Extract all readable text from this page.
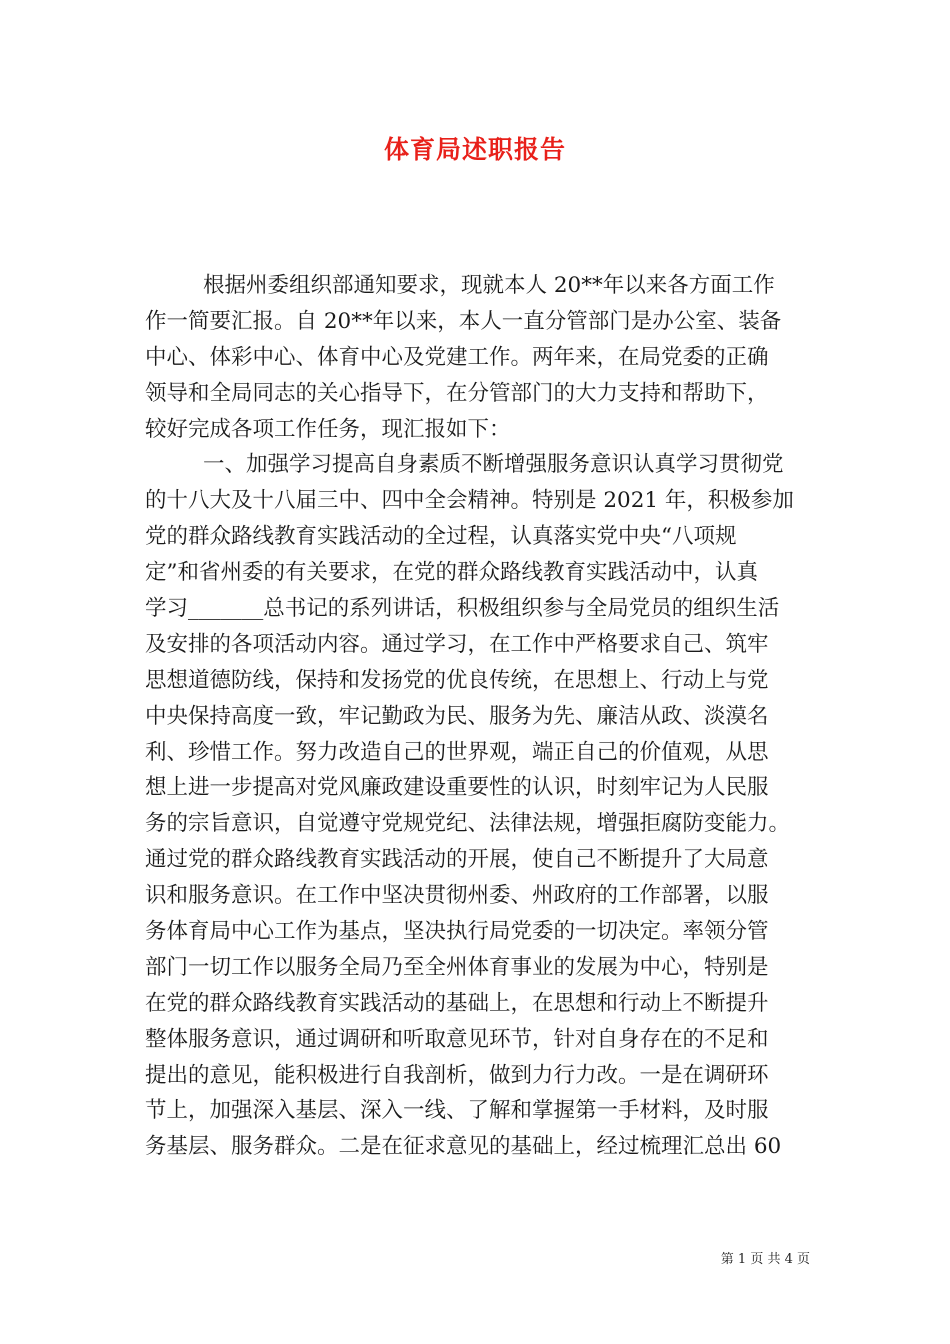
体育局述职报告
根据州委组织部通知要求，现就本人 20**年以来各方面工作
作一简要汇报。自 20**年以来，本人一直分管部门是办公室、装备
中心、体彩中心、体育中心及党建工作。两年来，在局党委的正确
领导和全局同志的关心指导下，在分管部门的大力支持和帮助下，
较好完成各项工作任务，现汇报如下：
一、加强学习提高自身素质不断增强服务意识认真学习贯彻党
的十八大及十八届三中、四中全会精神。特别是 2021 年，积极参加
党的群众路线教育实践活动的全过程，认真落实党中央“八项规
定”和省州委的有关要求，在党的群众路线教育实践活动中，认真
学习_______总书记的系列讲话，积极组织参与全局党员的组织生活
及安排的各项活动内容。通过学习，在工作中严格要求自己、筑牢
思想道德防线，保持和发扬党的优良传统，在思想上、行动上与党
中央保持高度一致，牢记勤政为民、服务为先、廉洁从政、淡漠名
利、珍惜工作。努力改造自己的世界观，端正自己的价值观，从思
想上进一步提高对党风廉政建设重要性的认识，时刻牢记为人民服
务的宗旨意识，自觉遵守党规党纪、法律法规，增强拒腐防变能力。
通过党的群众路线教育实践活动的开展，使自己不断提升了大局意
识和服务意识。在工作中坚决贯彻州委、州政府的工作部署，以服
务体育局中心工作为基点，坚决执行局党委的一切决定。率领分管
部门一切工作以服务全局乃至全州体育事业的发展为中心，特别是
在党的群众路线教育实践活动的基础上，在思想和行动上不断提升
整体服务意识，通过调研和听取意见环节，针对自身存在的不足和
提出的意见，能积极进行自我剖析，做到力行力改。一是在调研环
节上，加强深入基层、深入一线、了解和掌握第一手材料，及时服
务基层、服务群众。二是在征求意见的基础上，经过梳理汇总出 60
第 1 页 共 4 页
